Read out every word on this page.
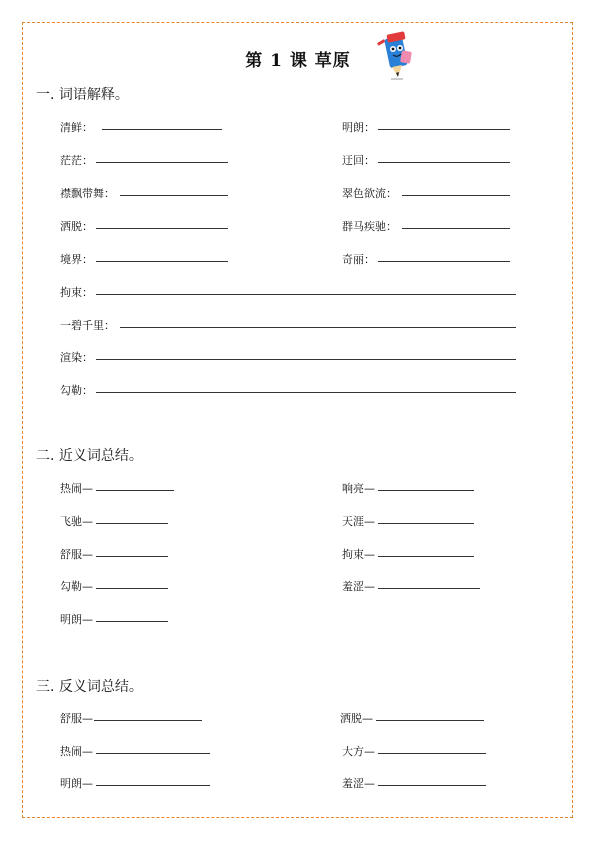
第 1 课 草原
一. 词语解释。
清鲜：	明朗：
茫茫：	迂回：
襟飘带舞：	翠色欲流：
洒脱：	群马疾驰：
境界：	奇丽：
拘束：
一碧千里：
渲染：
勾勒：
二. 近义词总结。
热闹—	响亮—
飞驰—	天涯—
舒服—	拘束—
勾勒—	羞涩—
明朗—
三. 反义词总结。
舒服—	洒脱—
热闹—	大方—
明朗—	羞涩—
